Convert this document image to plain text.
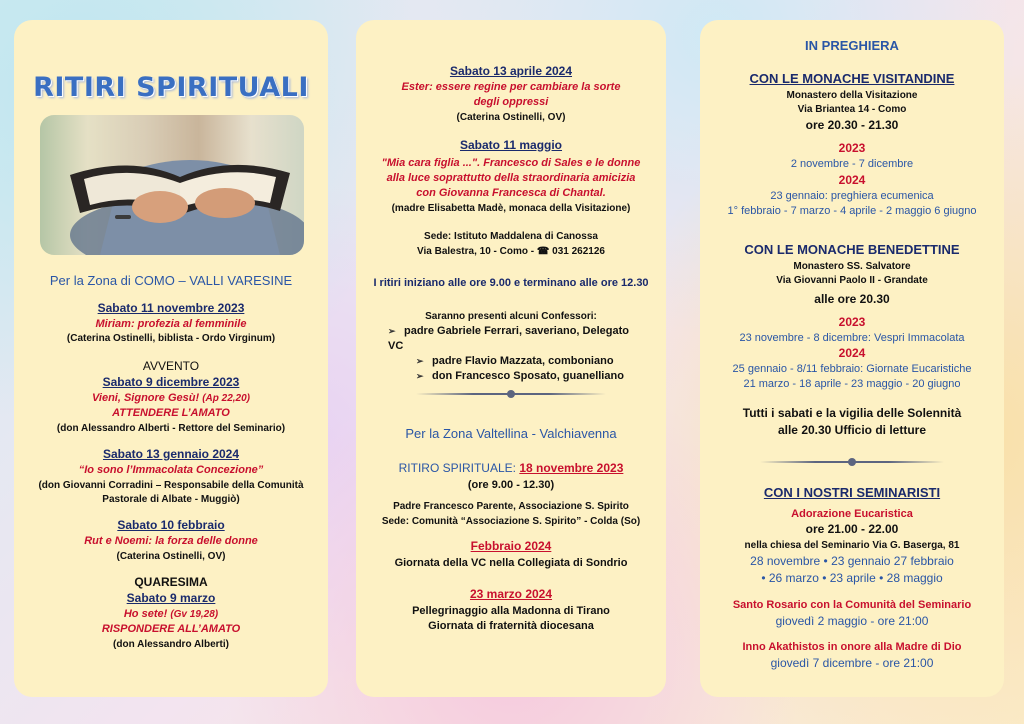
RITIRI SPIRITUALI
Per la Zona di COMO – VALLI VARESINE
Sabato 11 novembre 2023
Miriam: profezia al femminile
(Caterina Ostinelli, biblista - Ordo Virginum)
AVVENTO
Sabato 9 dicembre 2023
Vieni, Signore Gesù! (Ap 22,20)
ATTENDERE L’AMATO
(don Alessandro Alberti - Rettore del Seminario)
Sabato 13 gennaio 2024
“Io sono l’Immacolata Concezione”
(don Giovanni Corradini – Responsabile della Comunità
Pastorale di Albate - Muggiò)
Sabato 10 febbraio
Rut e Noemi: la forza delle donne
(Caterina Ostinelli, OV)
QUARESIMA
Sabato 9 marzo
Ho sete! (Gv 19,28)
RISPONDERE ALL’AMATO
(don Alessandro Alberti)
Sabato 13 aprile 2024
Ester: essere regine per cambiare la sorte
degli oppressi
(Caterina Ostinelli, OV)
Sabato 11 maggio
"Mia cara figlia ...". Francesco di Sales e le donne
alla luce soprattutto della straordinaria amicizia
con Giovanna Francesca di Chantal.
(madre Elisabetta Madè, monaca della Visitazione)
Sede: Istituto Maddalena di Canossa
Via Balestra, 10 - Como - ☎ 031 262126
I ritiri iniziano alle ore 9.00 e terminano alle ore 12.30
Saranno presenti alcuni Confessori:
➢ padre Gabriele Ferrari, saveriano, Delegato VC
➢ padre Flavio Mazzata, comboniano
➢ don Francesco Sposato, guanelliano
Per la Zona Valtellina - Valchiavenna
RITIRO SPIRITUALE: 18 novembre 2023
(ore 9.00 - 12.30)
Padre Francesco Parente, Associazione S. Spirito
Sede: Comunità “Associazione S. Spirito” - Colda (So)
Febbraio 2024
Giornata della VC nella Collegiata di Sondrio
23 marzo 2024
Pellegrinaggio alla Madonna di Tirano
Giornata di fraternità diocesana
IN PREGHIERA
CON LE MONACHE VISITANDINE
Monastero della Visitazione
Via Briantea 14 - Como
ore 20.30 - 21.30
2023
2 novembre - 7 dicembre
2024
23 gennaio: preghiera ecumenica
1° febbraio - 7 marzo - 4 aprile - 2 maggio 6 giugno
CON LE MONACHE BENEDETTINE
Monastero SS. Salvatore
Via Giovanni Paolo II - Grandate
alle ore 20.30
2023
23 novembre - 8 dicembre: Vespri Immacolata
2024
25 gennaio - 8/11 febbraio: Giornate Eucaristiche
21 marzo - 18 aprile - 23 maggio - 20 giugno
Tutti i sabati e la vigilia delle Solennità
alle 20.30 Ufficio di letture
CON I NOSTRI SEMINARISTI
Adorazione Eucaristica
ore 21.00 - 22.00
nella chiesa del Seminario Via G. Baserga, 81
28 novembre • 23 gennaio 27 febbraio
• 26 marzo • 23 aprile • 28 maggio
Santo Rosario con la Comunità del Seminario
giovedì 2 maggio - ore 21:00
Inno Akathistos in onore alla Madre di Dio
giovedì 7 dicembre - ore 21:00
